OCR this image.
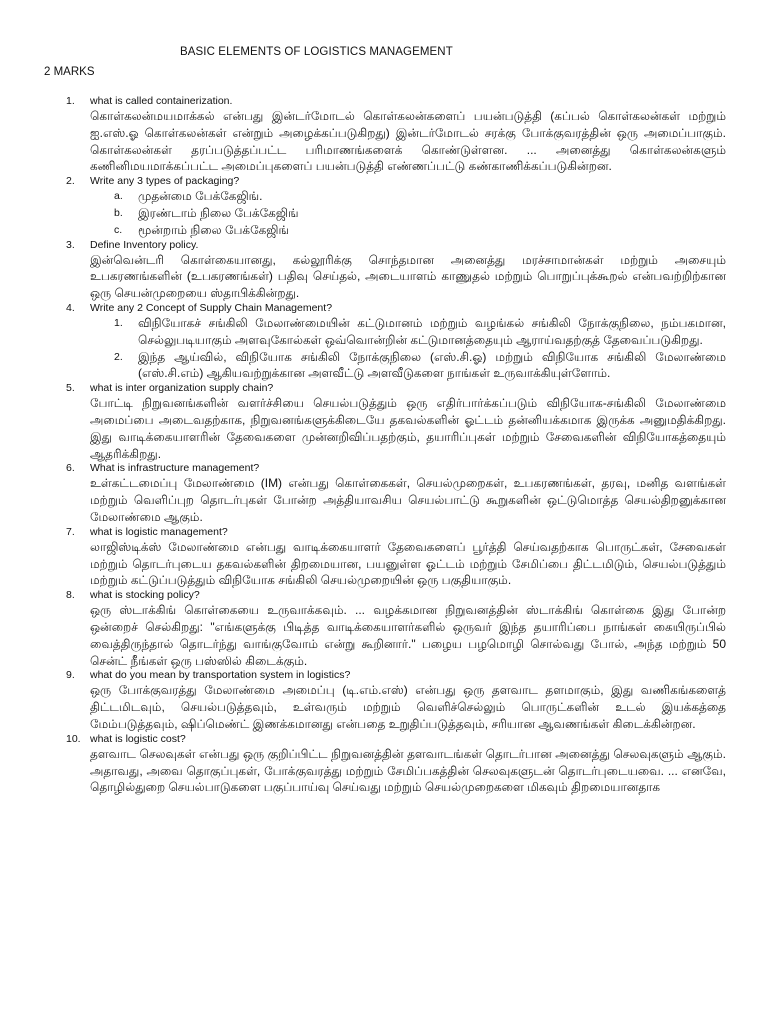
BASIC ELEMENTS OF LOGISTICS MANAGEMENT
2 MARKS
1.	what is called containerization.
கொள்கலன்மயமாக்கல் என்பது இன்டர்மோடல் கொள்கலன்களைப் பயன்படுத்தி (கப்பல் கொள்கலன்கள் மற்றும் ஐ.எஸ்.ஓ கொள்கலன்கள் என்றும் அழைக்கப்படுகிறது) இன்டர்மோடல் சரக்கு போக்குவரத்தின் ஒரு அமைப்பாகும். கொள்கலன்கள் தரப்படுத்தப்பட்ட பரிமாணங்களைக் கொண்டுள்ளன. ... அனைத்து கொள்கலன்களும் கணினிமயமாக்கப்பட்ட அமைப்புகளைப் பயன்படுத்தி எண்ணப்பட்டு கண்காணிக்கப்படுகின்றன.
2.	Write any 3 types of packaging?
a.	முதன்மை பேக்கேஜிங்.
b.	இரண்டாம் நிலை பேக்கேஜிங்
c.	மூன்றாம் நிலை பேக்கேஜிங்
3.	Define Inventory policy.
இன்வென்டரி கொள்கையானது, கல்லூரிக்கு சொந்தமான அனைத்து மரச்சாமான்கள் மற்றும் அசையும் உபகரணங்களின் (உபகரணங்கள்) பதிவு செய்தல், அடையாளம் காணுதல் மற்றும் பொறுப்புக்கூறல் என்பவற்றிற்கான ஒரு செயன்முறையை ஸ்தாபிக்கின்றது.
4.	Write any 2 Concept of Supply Chain Management?
1.	விநியோகச் சங்கிலி மேலாண்மையின் கட்டுமானம் மற்றும் வழங்கல் சங்கிலி நோக்குநிலை, நம்பகமான, செல்லுபடியாகும் அளவுகோல்கள் ஒவ்வொன்றின் கட்டுமானத்தையும் ஆராய்வதற்குத் தேவைப்படுகிறது.
2.	இந்த ஆய்வில், விநியோக சங்கிலி நோக்குநிலை (எஸ்.சி.ஓ) மற்றும் விநியோக சங்கிலி மேலாண்மை (எஸ்.சி.எம்) ஆகியவற்றுக்கான அளவீட்டு அளவீடுகளை நாங்கள் உருவாக்கியுள்ளோம்.
5.	what is inter organization supply chain?
போட்டி நிறுவனங்களின் வளர்ச்சியை செயல்படுத்தும் ஒரு எதிர்பார்க்கப்படும் விநியோக-சங்கிலி மேலாண்மை அமைப்பை அடைவதற்காக, நிறுவனங்களுக்கிடையே தகவல்களின் ஓட்டம் தன்னியக்கமாக இருக்க அனுமதிக்கிறது. இது வாடிக்கையாளரின் தேவைகளை முன்னறிவிப்பதற்கும், தயாரிப்புகள் மற்றும் சேவைகளின் விநியோகத்தையும் ஆதரிக்கிறது.
6.	What is infrastructure management?
உள்கட்டமைப்பு மேலாண்மை (IM) என்பது கொள்கைகள், செயல்முறைகள், உபகரணங்கள், தரவு, மனித வளங்கள் மற்றும் வெளிப்புற தொடர்புகள் போன்ற அத்தியாவசிய செயல்பாட்டு கூறுகளின் ஒட்டுமொத்த செயல்திறனுக்கான மேலாண்மை ஆகும்.
7.	what is logistic management?
லாஜிஸ்டிக்ஸ் மேலாண்மை என்பது வாடிக்கையாளர் தேவைகளைப் பூர்த்தி செய்வதற்காக பொருட்கள், சேவைகள் மற்றும் தொடர்புடைய தகவல்களின் திறமையான, பயனுள்ள ஓட்டம் மற்றும் சேமிப்பை திட்டமிடும், செயல்படுத்தும் மற்றும் கட்டுப்படுத்தும் விநியோக சங்கிலி செயல்முறையின் ஒரு பகுதியாகும்.
8.	what is stocking policy?
ஒரு ஸ்டாக்கிங் கொள்கையை உருவாக்கவும். ... வழக்கமான நிறுவனத்தின் ஸ்டாக்கிங் கொள்கை இது போன்ற ஒன்றைச் செல்கிறது: "எங்களுக்கு பிடித்த வாடிக்கையாளர்களில் ஒருவர் இந்த தயாரிப்பை நாங்கள் கையிருப்பில் வைத்திருந்தால் தொடர்ந்து வாங்குவோம் என்று கூறினார்." பழைய பழமொழி சொல்வது போல், அந்த மற்றும் 50 சென்ட் நீங்கள் ஒரு பஸ்ஸில் கிடைக்கும்.
9.	what do you mean by transportation system in logistics?
ஒரு போக்குவரத்து மேலாண்மை அமைப்பு (டி.எம்.எஸ்) என்பது ஒரு தளவாட தளமாகும், இது வணிகங்களைத் திட்டமிடவும், செயல்படுத்தவும், உள்வரும் மற்றும் வெளிச்செல்லும் பொருட்களின் உடல் இயக்கத்தை மேம்படுத்தவும், ஷிப்மெண்ட் இணக்கமானது என்பதை உறுதிப்படுத்தவும், சரியான ஆவணங்கள் கிடைக்கின்றன.
10. what is logistic cost?
தளவாட செலவுகள் என்பது ஒரு குறிப்பிட்ட நிறுவனத்தின் தளவாடங்கள் தொடர்பான அனைத்து செலவுகளும் ஆகும். அதாவது, அவை தொகுப்புகள், போக்குவரத்து மற்றும் சேமிப்பகத்தின் செலவுகளுடன் தொடர்புடையவை. ... எனவே, தொழில்துறை செயல்பாடுகளை பகுப்பாய்வு செய்வது மற்றும் செயல்முறைகளை மிகவும் திறமையானதாக
